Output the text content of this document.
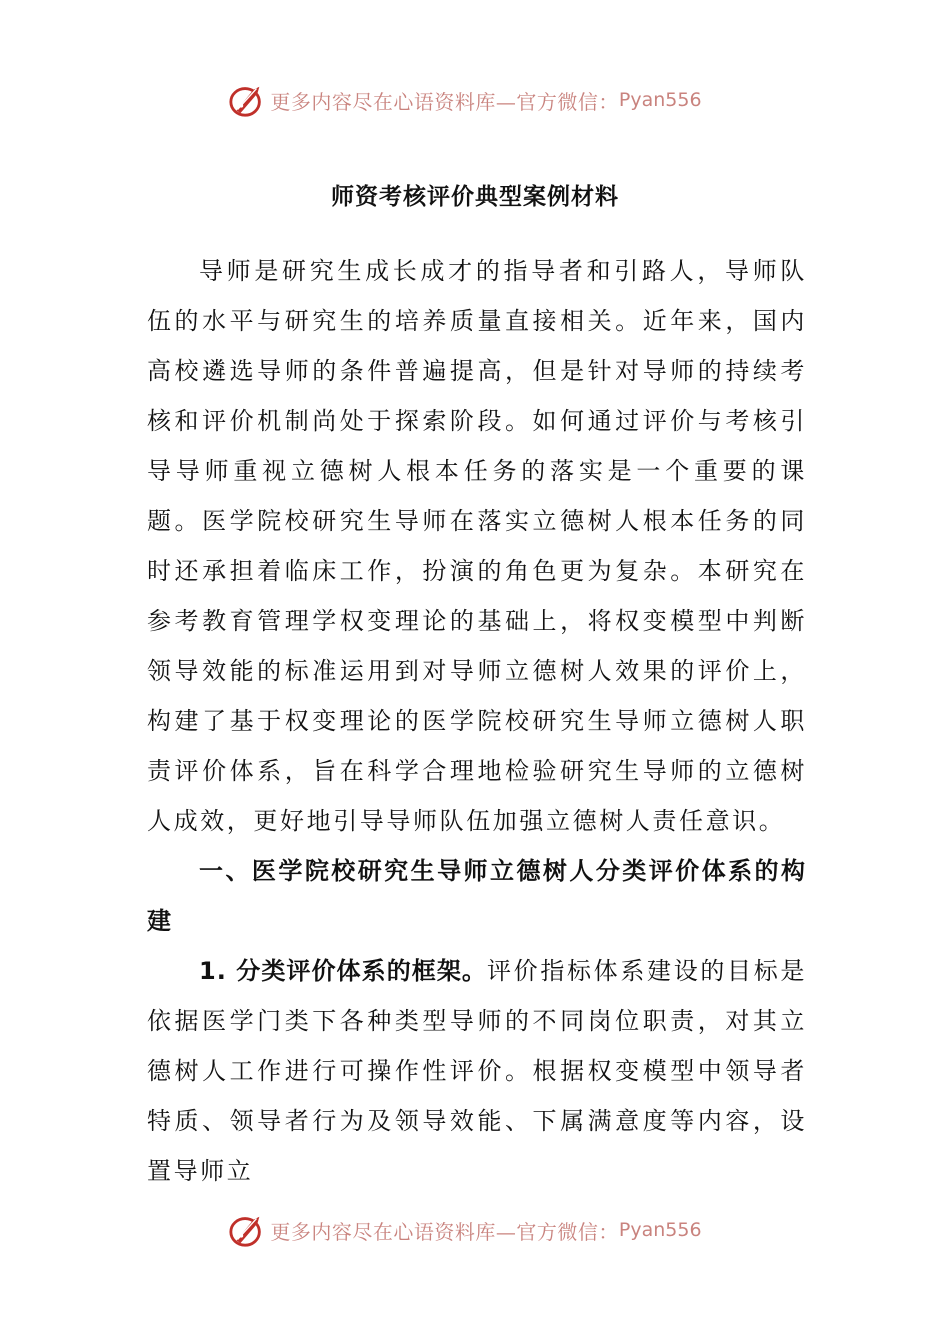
更多内容尽在心语资料库—官方微信： Pyan556
师资考核评价典型案例材料

导师是研究生成长成才的指导者和引路人，导师队伍的水平与研究生的培养质量直接相关。近年来，国内高校遴选导师的条件普遍提高，但是针对导师的持续考核和评价机制尚处于探索阶段。如何通过评价与考核引导导师重视立德树人根本任务的落实是一个重要的课题。医学院校研究生导师在落实立德树人根本任务的同时还承担着临床工作，扮演的角色更为复杂。本研究在参考教育管理学权变理论的基础上，将权变模型中判断领导效能的标准运用到对导师立德树人效果的评价上，构建了基于权变理论的医学院校研究生导师立德树人职责评价体系，旨在科学合理地检验研究生导师的立德树人成效，更好地引导导师队伍加强立德树人责任意识。

一、医学院校研究生导师立德树人分类评价体系的构建

1. 分类评价体系的框架。评价指标体系建设的目标是依据医学门类下各种类型导师的不同岗位职责，对其立德树人工作进行可操作性评价。根据权变模型中领导者特质、领导者行为及领导效能、下属满意度等内容，设置导师立

更多内容尽在心语资料库—官方微信： Pyan556
